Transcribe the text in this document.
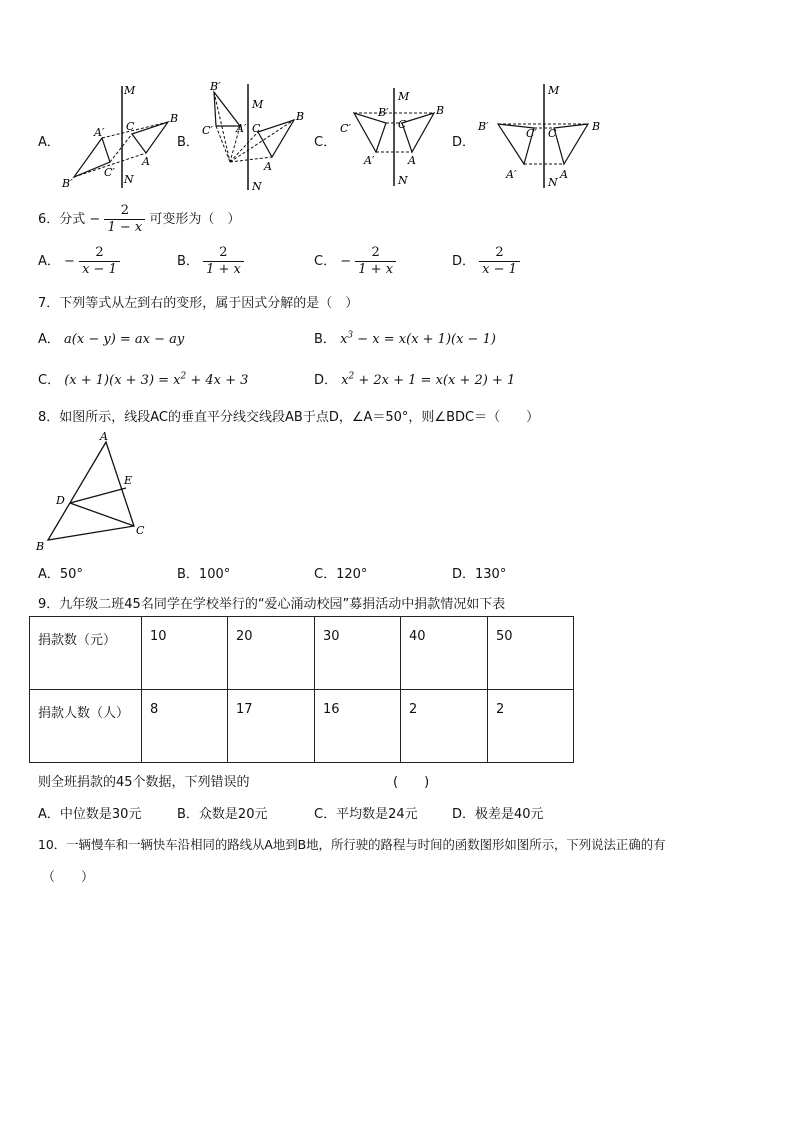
A．	B．	C．	D．
M
N
B
C
A
A′
B′
C′
M
N
B
C
A
B′
C′ A′
M
N
B
C
A
B′
C′
A′
M
N
B
C
A
B′
C′
A′
6．分式 − $\frac{2}{1 - x}$ 可变形为（　）
A． − $\frac{2}{x - 1}$	B． $\frac{2}{1 + x}$	C． − $\frac{2}{1 + x}$	D． $\frac{2}{x - 1}$
7．下列等式从左到右的变形，属于因式分解的是（　）
A． a(x − y) = ax − ay	B． $x^3 - x = x(x + 1)(x - 1)$
C． $(x + 1)(x + 3) = x^2 + 4x + 3$	D． $x^2 + 2x + 1 = x(x + 2) + 1$
8．如图所示，线段AC的垂直平分线交线段AB于点D，∠A＝50°，则∠BDC＝（　　）
A
B
C
D
E
A．50°	B．100°	C．120°	D．130°
9．九年级二班45名同学在学校举行的“爱心涌动校园”募捐活动中捐款情况如下表
捐款数（元）	10	20	30	40	50
捐款人数（人）	8	17	16	2	2
则全班捐款的45个数据，下列错误的	(　　)
A．中位数是30元	B．众数是20元	C．平均数是24元	D．极差是40元
10．一辆慢车和一辆快车沿相同的路线从A地到B地，所行驶的路程与时间的函数图形如图所示，下列说法正确的有
（　　）
